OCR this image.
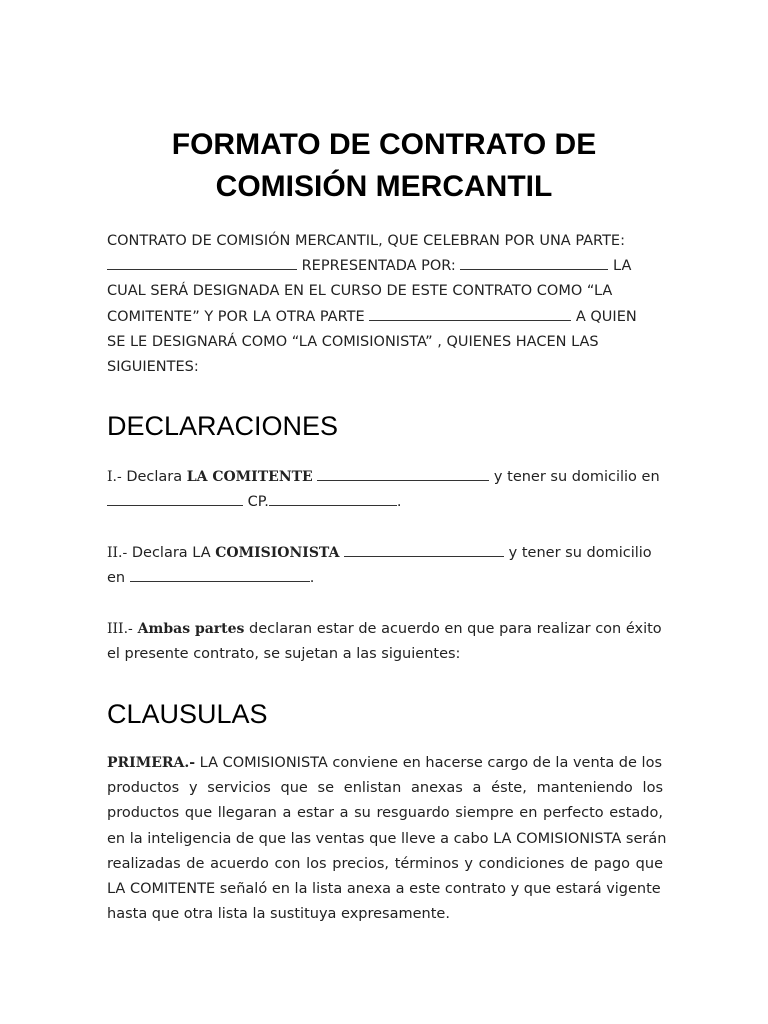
FORMATO DE CONTRATO DE
COMISIÓN MERCANTIL
CONTRATO DE COMISIÓN MERCANTIL, QUE CELEBRAN POR UNA PARTE:
REPRESENTADA POR:	LA
CUAL SERÁ DESIGNADA EN EL CURSO DE ESTE CONTRATO COMO “LA
COMITENTE” Y POR LA OTRA PARTE	A QUIEN
SE LE DESIGNARÁ COMO “LA COMISIONISTA” , QUIENES HACEN LAS
SIGUIENTES:
DECLARACIONES
I.- Declara LA COMITENTE	y tener su domicilio en
CP.	.
II.- Declara LA COMISIONISTA	y tener su domicilio
en	.
III.- Ambas partes declaran estar de acuerdo en que para realizar con éxito
el presente contrato, se sujetan a las siguientes:
CLAUSULAS
PRIMERA.- LA COMISIONISTA conviene en hacerse cargo de la venta de los
productos y servicios que se enlistan anexas a éste, manteniendo los
productos que llegaran a estar a su resguardo siempre en perfecto estado,
en la inteligencia de que las ventas que lleve a cabo LA COMISIONISTA serán
realizadas de acuerdo con los precios, términos y condiciones de pago que
LA COMITENTE señaló en la lista anexa a este contrato y que estará vigente
hasta que otra lista la sustituya expresamente.
